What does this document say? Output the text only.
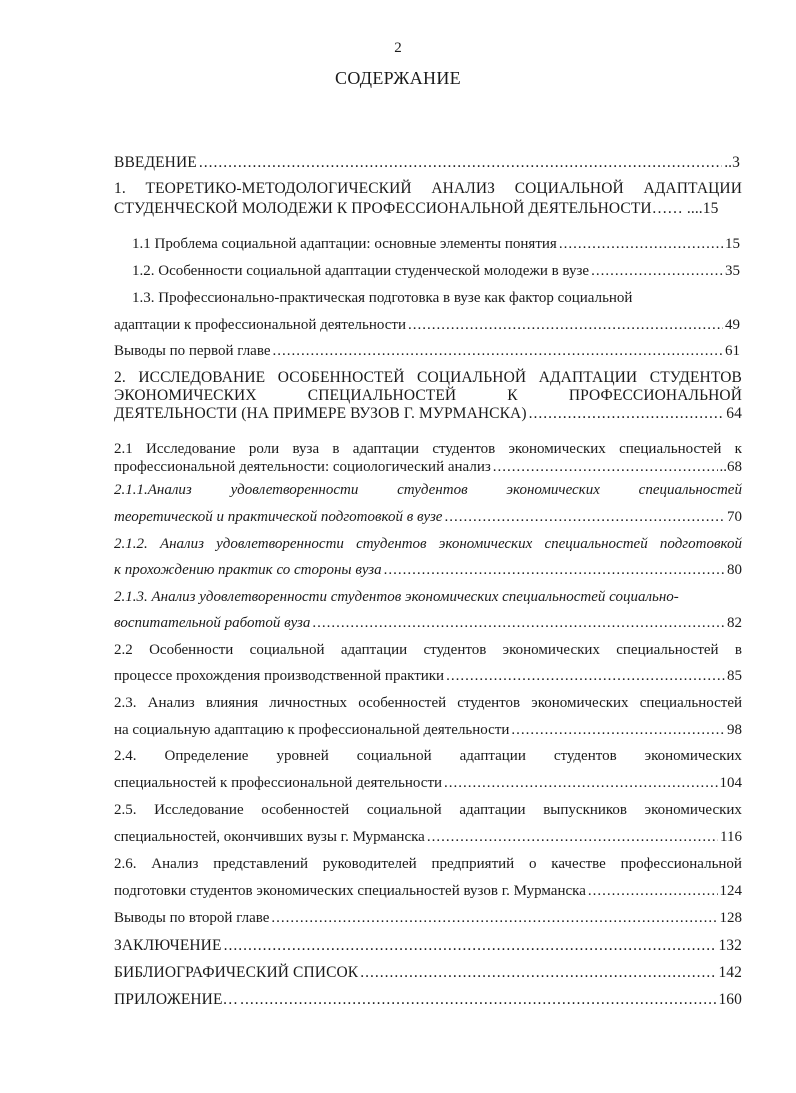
2
СОДЕРЖАНИЕ
ВВЕДЕНИЕ .....	..3
1. ТЕОРЕТИКО-МЕТОДОЛОГИЧЕСКИЙ АНАЛИЗ СОЦИАЛЬНОЙ АДАПТАЦИИ
СТУДЕНЧЕСКОЙ МОЛОДЕЖИ К ПРОФЕССИОНАЛЬНОЙ ДЕЯТЕЛЬНОСТИ…… ....15
1.1 Проблема социальной адаптации: основные элементы понятия .....	15
1.2. Особенности социальной адаптации студенческой молодежи в вузе .....	35
1.3. Профессионально-практическая подготовка в вузе как фактор социальной
адаптации к профессиональной деятельности .....	49
Выводы по первой главе .....	61
2. ИССЛЕДОВАНИЕ ОСОБЕННОСТЕЙ СОЦИАЛЬНОЙ АДАПТАЦИИ СТУДЕНТОВ
ЭКОНОМИЧЕСКИХ	СПЕЦИАЛЬНОСТЕЙ	К	ПРОФЕССИОНАЛЬНОЙ
ДЕЯТЕЛЬНОСТИ (НА ПРИМЕРЕ ВУЗОВ Г. МУРМАНСКА) .....	64
2.1 Исследование роли вуза в адаптации студентов экономических специальностей к
профессиональной деятельности: социологический анализ .....	..68
2.1.1.Анализ	удовлетворенности	студентов	экономических	специальностей
теоретической и практической подготовкой в вузе .....	70
2.1.2. Анализ удовлетворенности студентов экономических специальностей подготовкой
к прохождению практик со стороны вуза .....	80
2.1.3. Анализ удовлетворенности студентов экономических специальностей социально-
воспитательной работой вуза .....	82
2.2 Особенности социальной адаптации студентов экономических специальностей в
процессе прохождения производственной практики .....	85
2.3. Анализ влияния личностных особенностей студентов экономических специальностей
на социальную адаптацию к профессиональной деятельности .....	98
2.4. Определение уровней социальной адаптации студентов экономических
специальностей к профессиональной деятельности .....	104
2.5. Исследование особенностей социальной адаптации выпускников экономических
специальностей, окончивших вузы г. Мурманска .....	116
2.6. Анализ представлений руководителей предприятий о качестве профессиональной
подготовки студентов экономических специальностей вузов г. Мурманска .....	124
Выводы по второй главе .....	128
ЗАКЛЮЧЕНИЕ .....	132
БИБЛИОГРАФИЧЕСКИЙ СПИСОК .....	142
ПРИЛОЖЕНИЕ… .....	160
